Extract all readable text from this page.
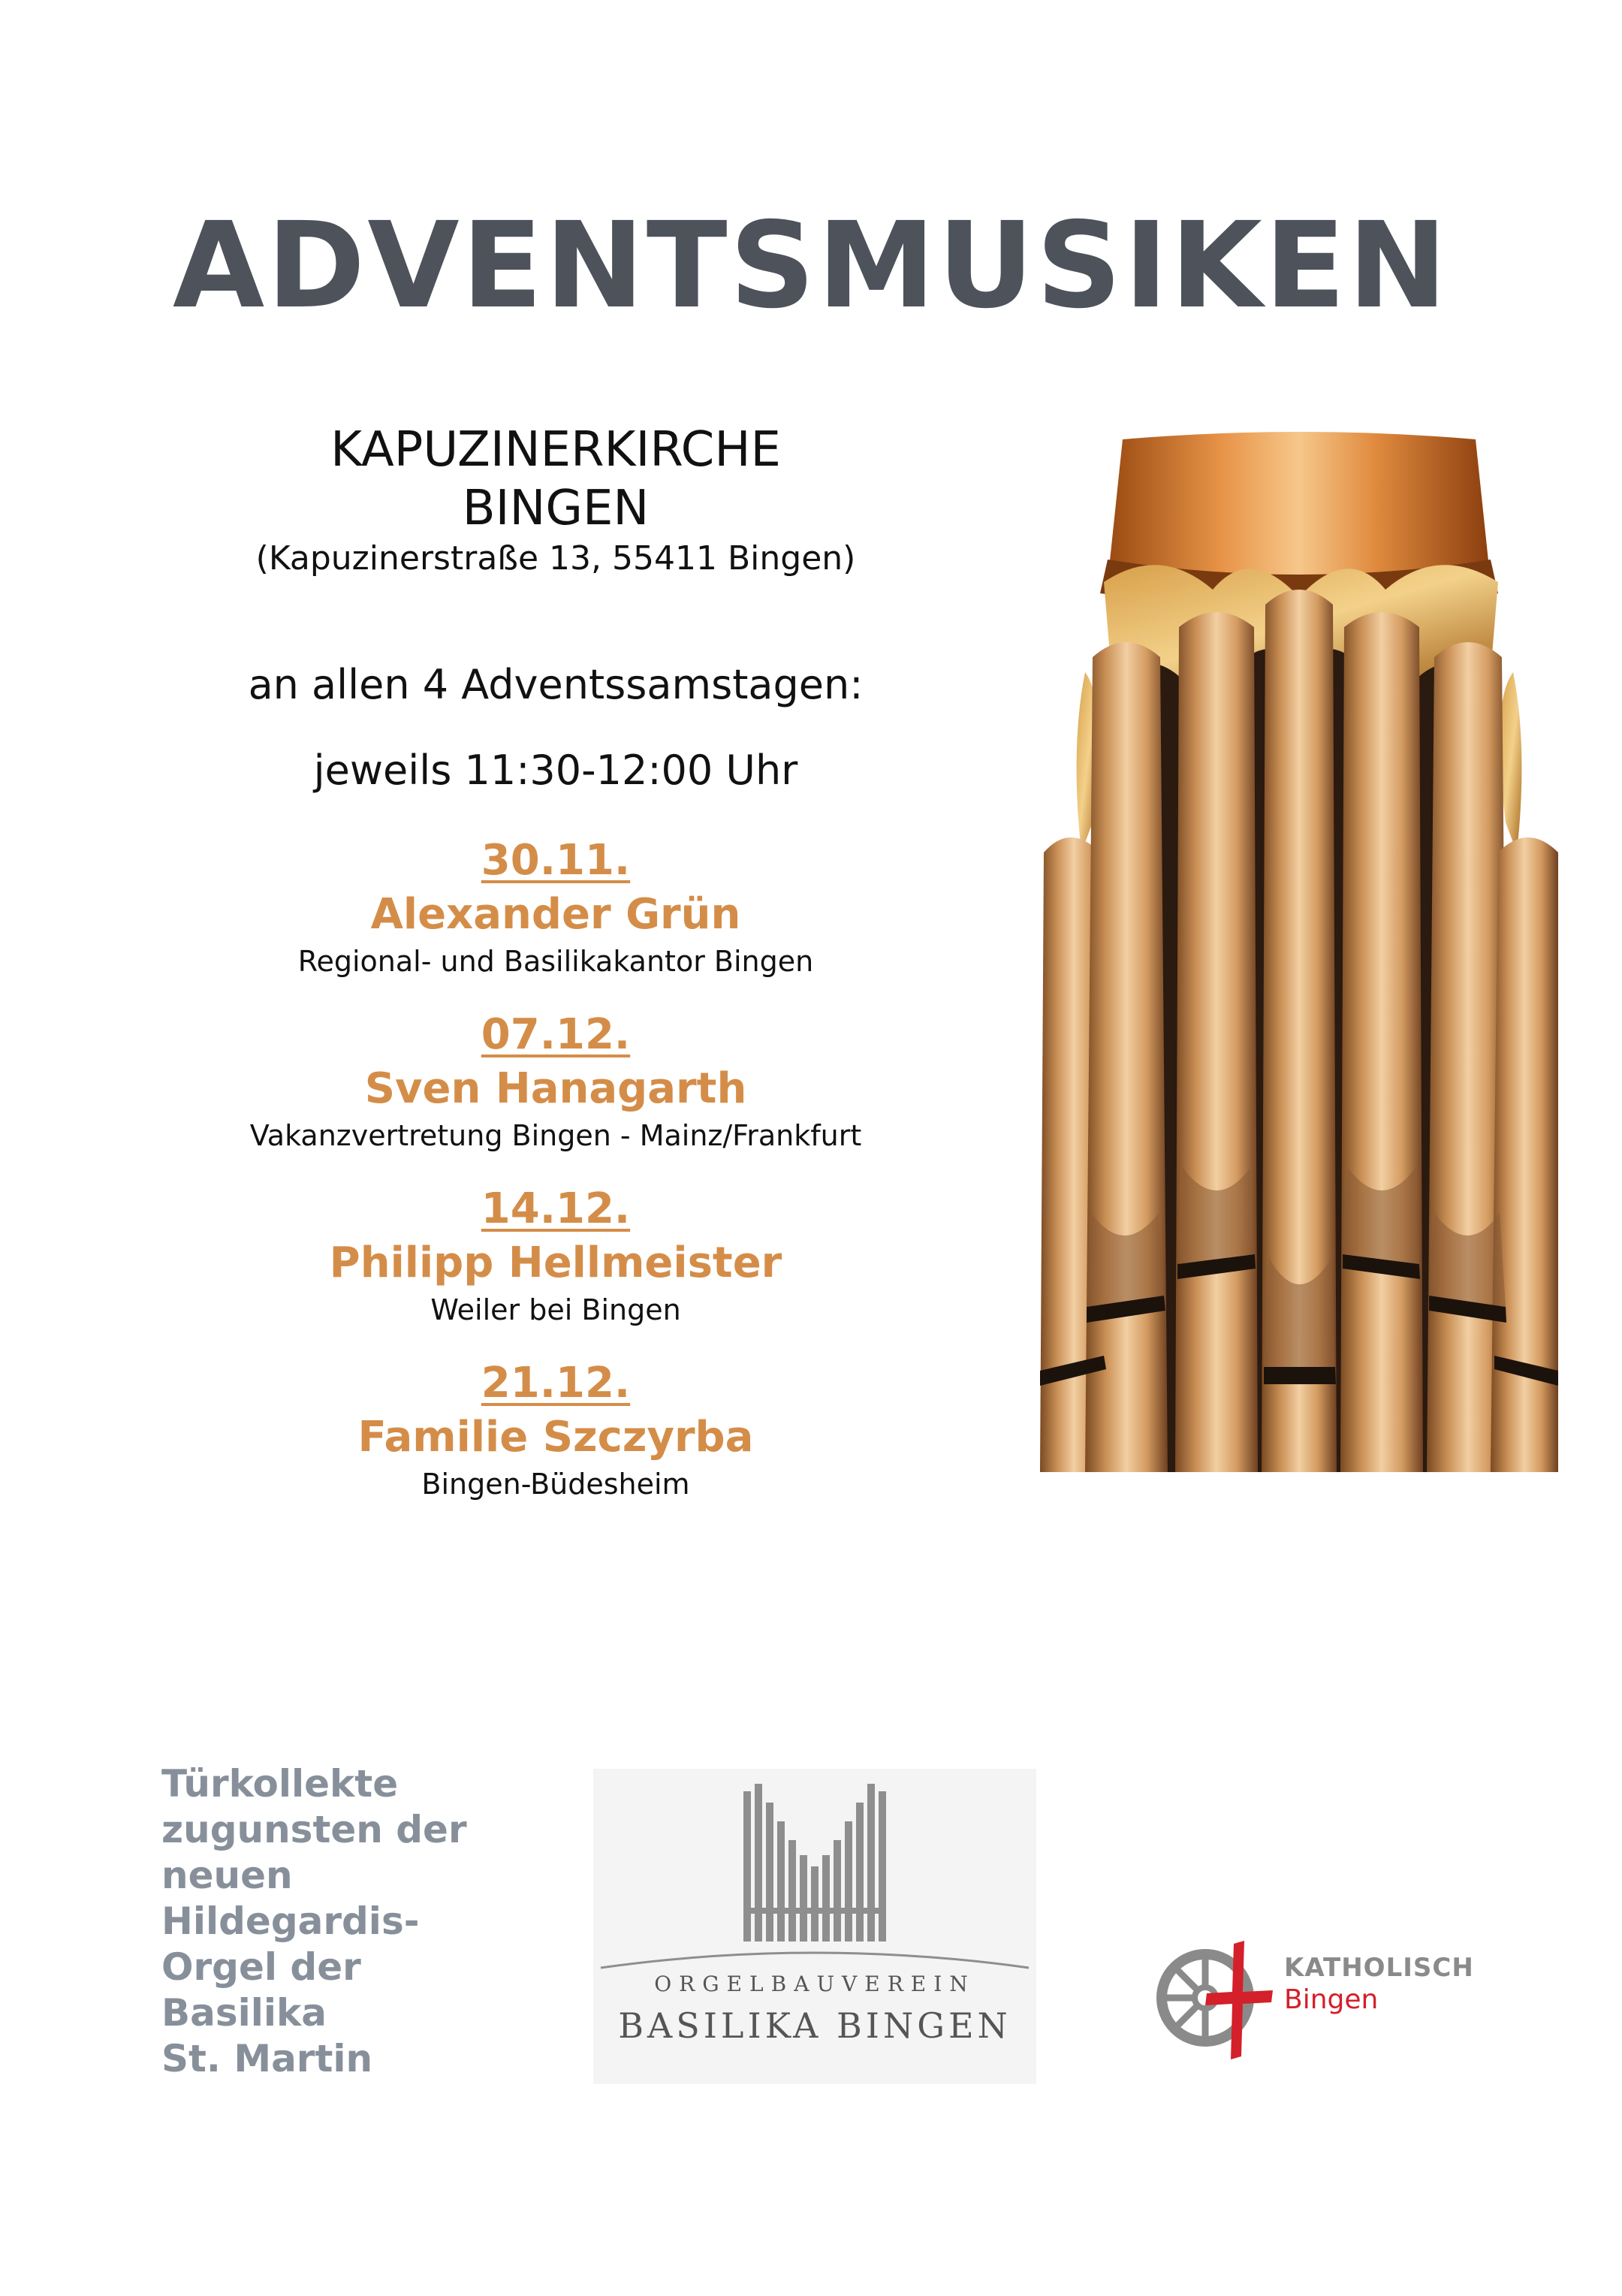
ADVENTSMUSIKEN
KAPUZINERKIRCHE
BINGEN
(Kapuzinerstraße 13, 55411 Bingen)
an allen 4 Adventssamstagen:
jeweils 11:30-12:00 Uhr
30.11.
Alexander Grün
Regional- und Basilikakantor Bingen
07.12.
Sven Hanagarth
Vakanzvertretung Bingen - Mainz/Frankfurt
14.12.
Philipp Hellmeister
Weiler bei Bingen
21.12.
Familie Szczyrba
Bingen-Büdesheim
Türkollekte
zugunsten der
neuen
Hildegardis-
Orgel der
Basilika
St. Martin
ORGELBAUVEREIN
BASILIKA BINGEN
KATHOLISCH
Bingen
